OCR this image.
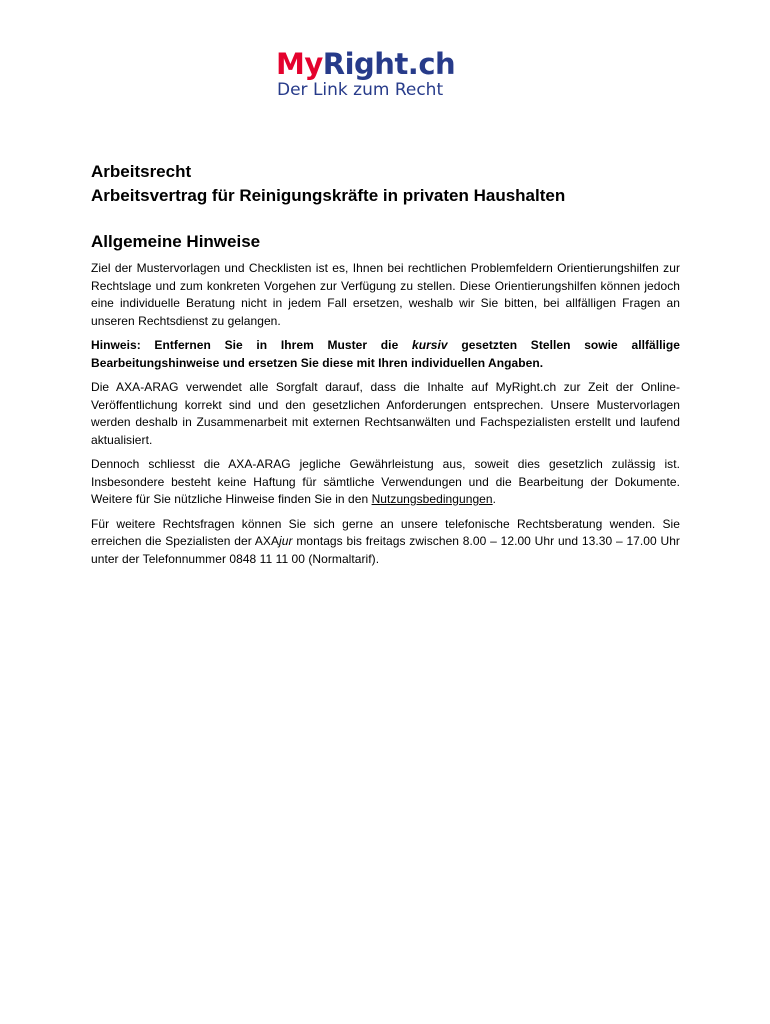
MyRight.ch
Der Link zum Recht
Arbeitsrecht
Arbeitsvertrag für Reinigungskräfte in privaten Haushalten
Allgemeine Hinweise

Ziel der Mustervorlagen und Checklisten ist es, Ihnen bei rechtlichen Problemfeldern Orientierungshilfen zur Rechtslage und zum konkreten Vorgehen zur Verfügung zu stellen. Diese Orientierungshilfen können jedoch eine individuelle Beratung nicht in jedem Fall ersetzen, weshalb wir Sie bitten, bei allfälligen Fragen an unseren Rechtsdienst zu gelangen.

Hinweis: Entfernen Sie in Ihrem Muster die kursiv gesetzten Stellen sowie allfällige Bearbeitungshinweise und ersetzen Sie diese mit Ihren individuellen Angaben.

Die AXA-ARAG verwendet alle Sorgfalt darauf, dass die Inhalte auf MyRight.ch zur Zeit der Online-Veröffentlichung korrekt sind und den gesetzlichen Anforderungen entsprechen. Unsere Mustervorlagen werden deshalb in Zusammenarbeit mit externen Rechtsanwälten und Fachspezialisten erstellt und laufend aktualisiert.

Dennoch schliesst die AXA-ARAG jegliche Gewährleistung aus, soweit dies gesetzlich zulässig ist. Insbesondere besteht keine Haftung für sämtliche Verwendungen und die Bearbeitung der Dokumente. Weitere für Sie nützliche Hinweise finden Sie in den Nutzungsbedingungen.

Für weitere Rechtsfragen können Sie sich gerne an unsere telefonische Rechtsberatung wenden. Sie erreichen die Spezialisten der AXAjur montags bis freitags zwischen 8.00 – 12.00 Uhr und 13.30 – 17.00 Uhr unter der Telefonnummer 0848 11 11 00 (Normaltarif).
